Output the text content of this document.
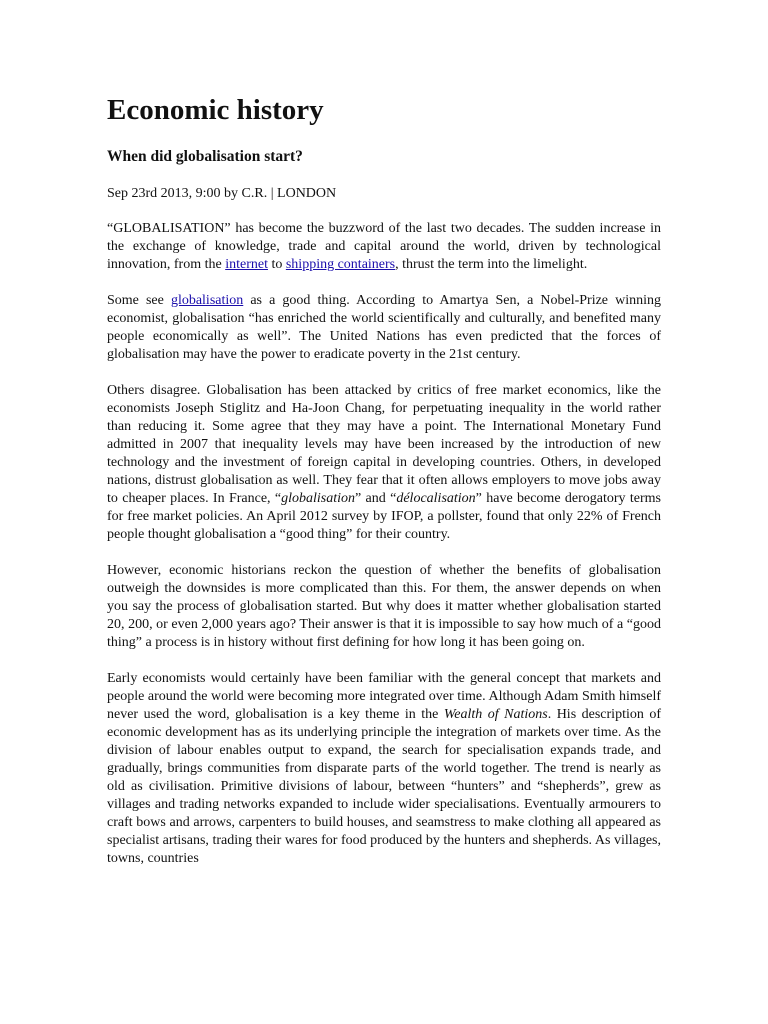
Economic history
When did globalisation start?
Sep 23rd 2013, 9:00 by C.R. | LONDON

“GLOBALISATION” has become the buzzword of the last two decades. The sudden increase in the exchange of knowledge, trade and capital around the world, driven by technological innovation, from the internet to shipping containers, thrust the term into the limelight.

Some see globalisation as a good thing. According to Amartya Sen, a Nobel-Prize winning economist, globalisation “has enriched the world scientifically and culturally, and benefited many people economically as well”. The United Nations has even predicted that the forces of globalisation may have the power to eradicate poverty in the 21st century.

Others disagree. Globalisation has been attacked by critics of free market economics, like the economists Joseph Stiglitz and Ha-Joon Chang, for perpetuating inequality in the world rather than reducing it. Some agree that they may have a point. The International Monetary Fund admitted in 2007 that inequality levels may have been increased by the introduction of new technology and the investment of foreign capital in developing countries. Others, in developed nations, distrust globalisation as well. They fear that it often allows employers to move jobs away to cheaper places. In France, “globalisation” and “délocalisation” have become derogatory terms for free market policies. An April 2012 survey by IFOP, a pollster, found that only 22% of French people thought globalisation a “good thing” for their country.

However, economic historians reckon the question of whether the benefits of globalisation outweigh the downsides is more complicated than this. For them, the answer depends on when you say the process of globalisation started. But why does it matter whether globalisation started 20, 200, or even 2,000 years ago? Their answer is that it is impossible to say how much of a “good thing” a process is in history without first defining for how long it has been going on.

Early economists would certainly have been familiar with the general concept that markets and people around the world were becoming more integrated over time. Although Adam Smith himself never used the word, globalisation is a key theme in the Wealth of Nations. His description of economic development has as its underlying principle the integration of markets over time. As the division of labour enables output to expand, the search for specialisation expands trade, and gradually, brings communities from disparate parts of the world together. The trend is nearly as old as civilisation. Primitive divisions of labour, between “hunters” and “shepherds”, grew as villages and trading networks expanded to include wider specialisations. Eventually armourers to craft bows and arrows, carpenters to build houses, and seamstress to make clothing all appeared as specialist artisans, trading their wares for food produced by the hunters and shepherds. As villages, towns, countries
